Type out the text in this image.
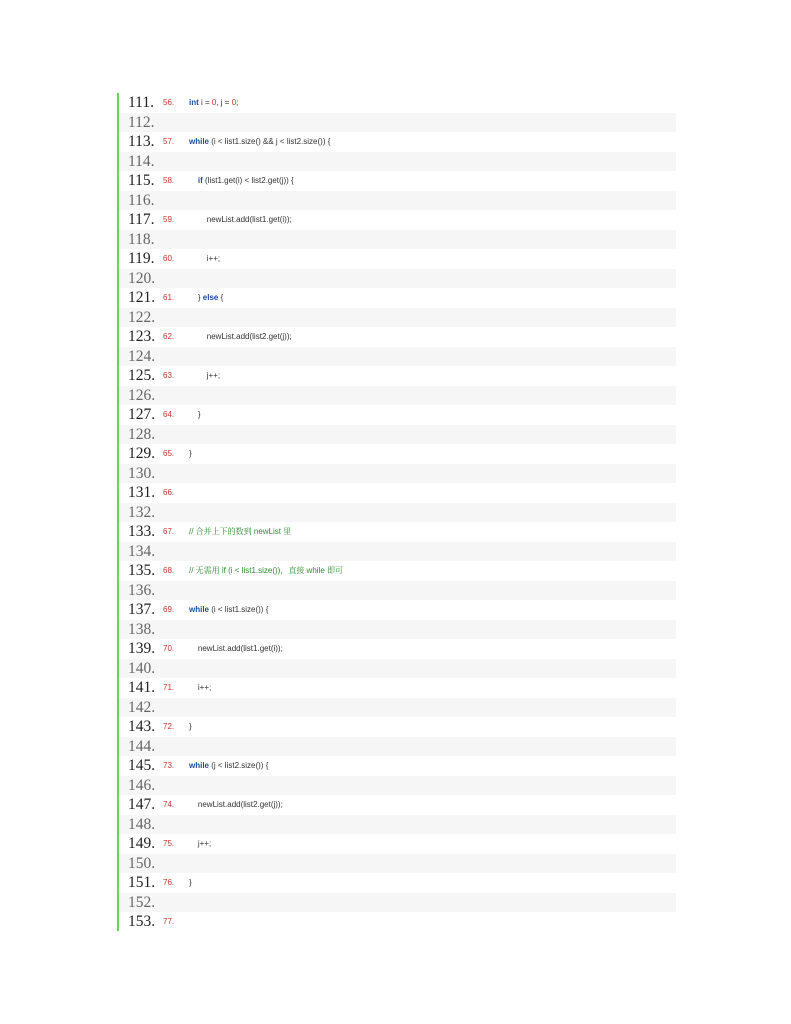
111. 56. int i = 0, j = 0;
112.
113. 57. while (i < list1.size() && j < list2.size()) {
114.
115. 58.	if (list1.get(i) < list2.get(j)) {
116.
117. 59. newList.add(list1.get(i));
118.
119. 60. i++;
120.
121. 61. } else {
122.
123. 62. newList.add(list2.get(j));
124.
125. 63. j++;
126.
127. 64. }
128.
129. 65. }
130.
131. 66.
132.
133. 67. // 合并上下的数到 newList 里
134.
135. 68. // 无需用 if (i < list1.size())，直接 while 即可
136.
137. 69. while (i < list1.size()) {
138.
139. 70. newList.add(list1.get(i));
140.
141. 71. i++;
142.
143. 72. }
144.
145. 73. while (j < list2.size()) {
146.
147. 74. newList.add(list2.get(j));
148.
149. 75. j++;
150.
151. 76. }
152.
153. 77.
